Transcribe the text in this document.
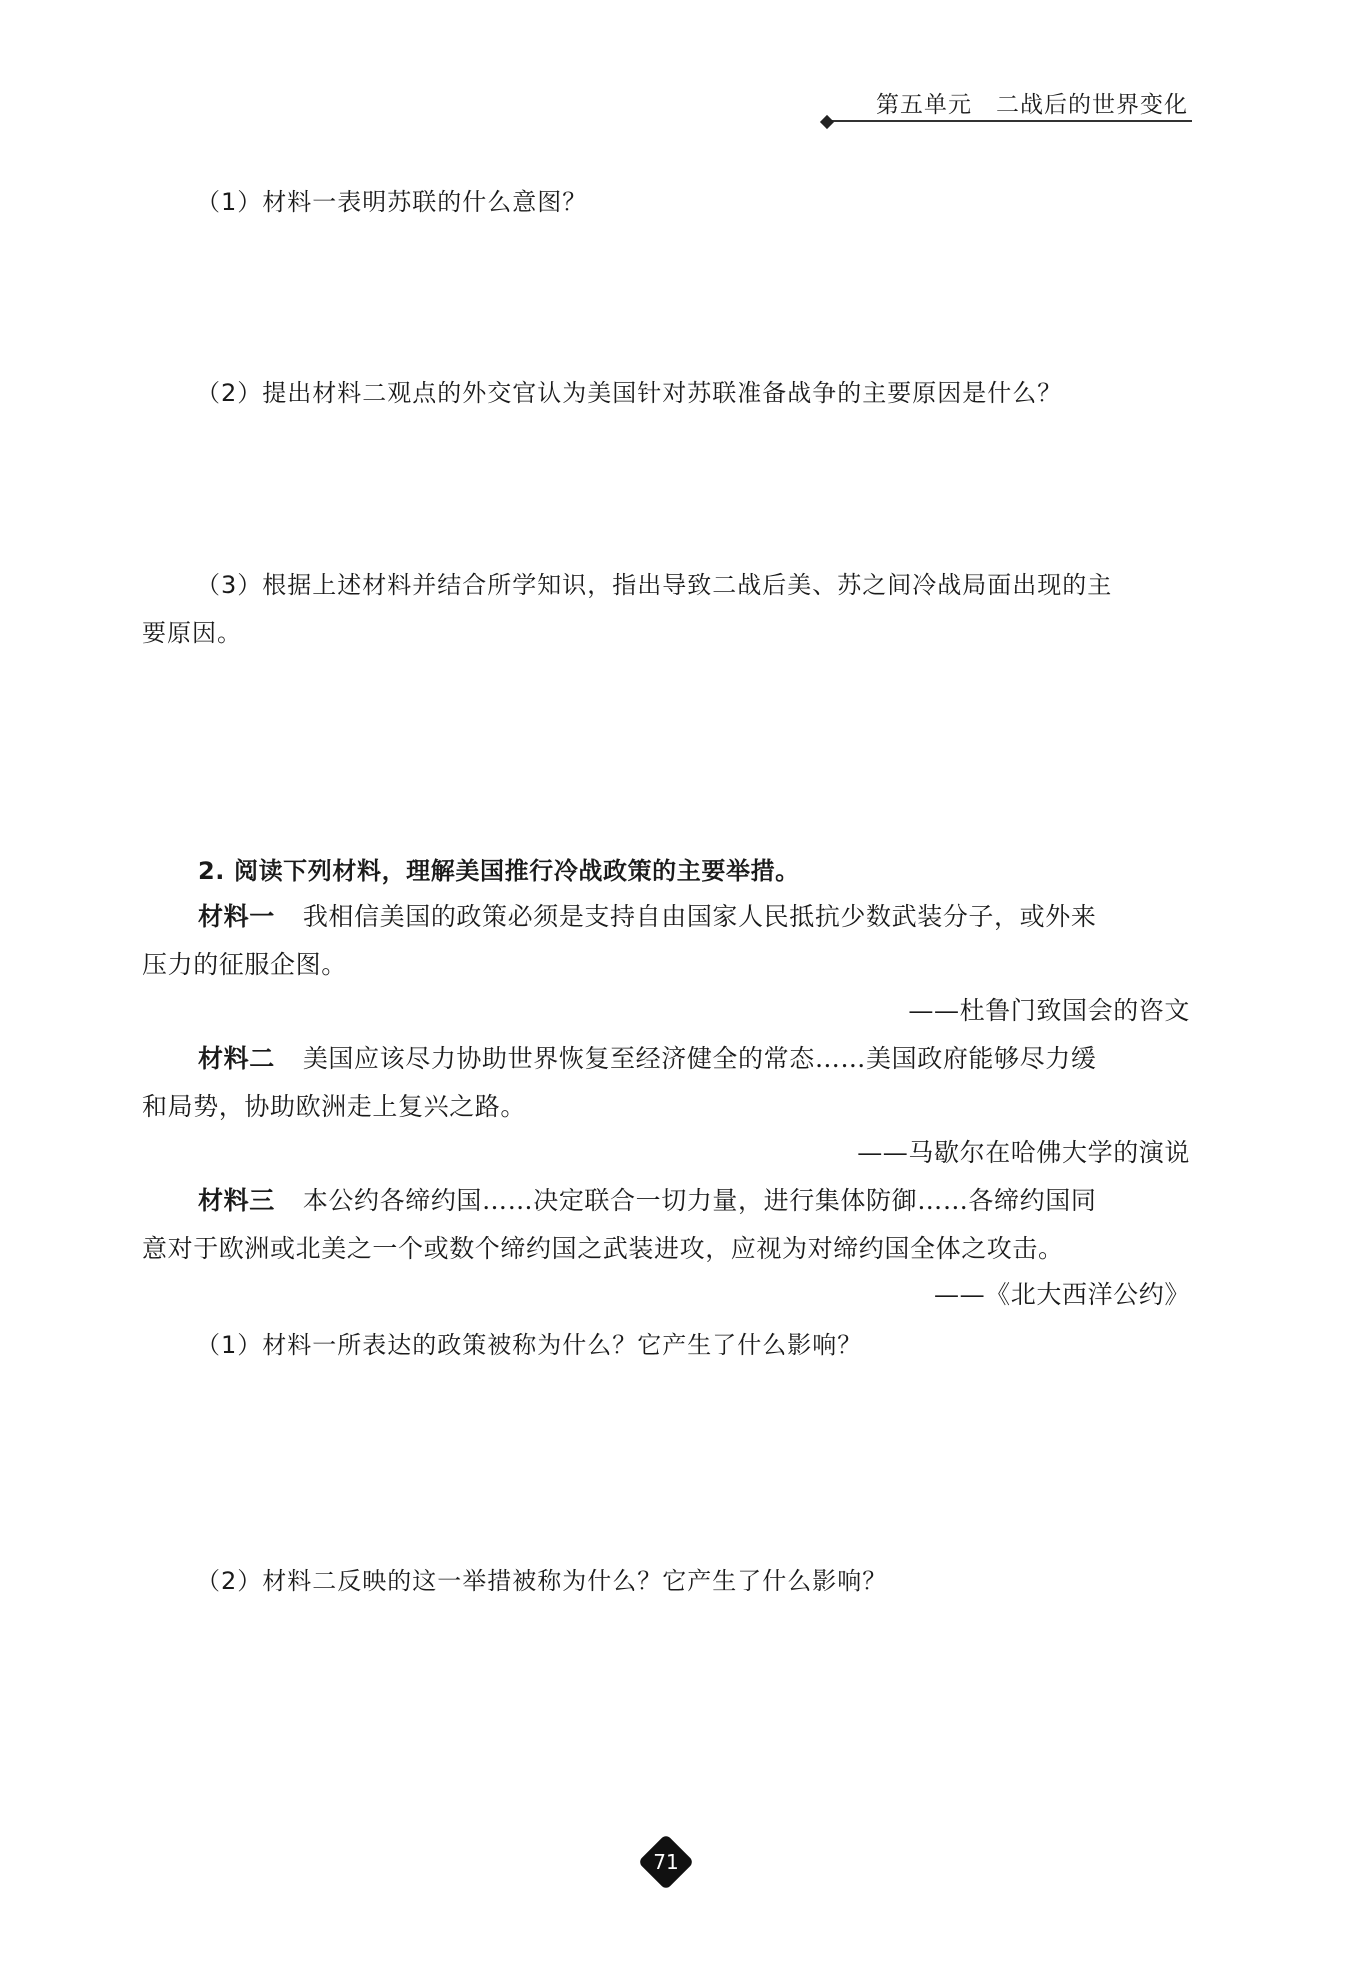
第五单元　 二战后的世界变化
（1）材料一表明苏联的什么意图？
（2）提出材料二观点的外交官认为美国针对苏联准备战争的主要原因是什么？
（3）根据上述材料并结合所学知识，指出导致二战后美、苏之间冷战局面出现的主
要原因。
2. 阅读下列材料，理解美国推行冷战政策的主要举措。
材料一 我相信美国的政策必须是支持自由国家人民抵抗少数武装分子，或外来
压力的征服企图。
——杜鲁门致国会的咨文
材料二 美国应该尽力协助世界恢复至经济健全的常态……美国政府能够尽力缓
和局势，协助欧洲走上复兴之路。
——马歇尔在哈佛大学的演说
材料三 本公约各缔约国……决定联合一切力量，进行集体防御……各缔约国同
意对于欧洲或北美之一个或数个缔约国之武装进攻，应视为对缔约国全体之攻击。
——《北大西洋公约》
（1）材料一所表达的政策被称为什么？它产生了什么影响？
（2）材料二反映的这一举措被称为什么？它产生了什么影响？
71
